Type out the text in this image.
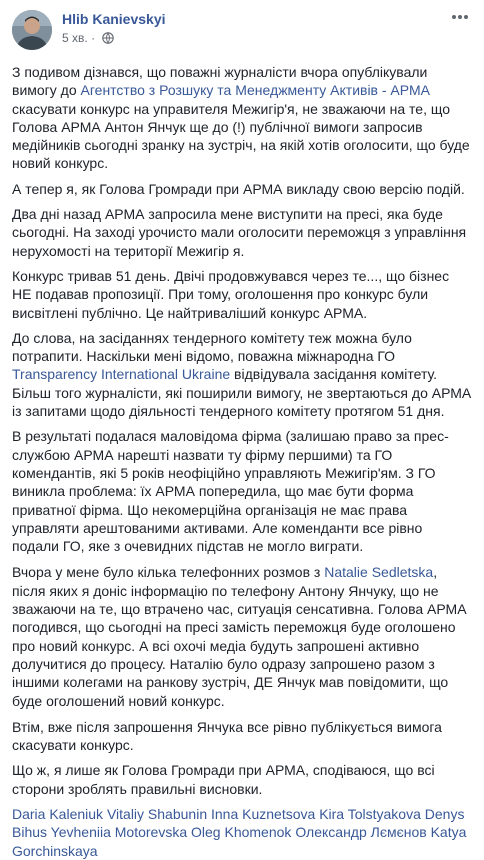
Hlib Kanievskyi
5 хв. ·

З подивом дізнався, що поважні журналісти вчора опублікували вимогу до Агентство з Розшуку та Менеджменту Активів - АРМА скасувати конкурс на управителя Межигір'я, не зважаючи на те, що Голова АРМА Антон Янчук ще до (!) публічної вимоги запросив медійників сьогодні зранку на зустріч, на якій хотів оголосити, що буде новий конкурс.

А тепер я, як Голова Громради при АРМА викладу свою версію подій.

Два дні назад АРМА запросила мене виступити на пресі, яка буде сьогодні. На заході урочисто мали оголосити переможця з управління нерухомості на території Межигір я.

Конкурс тривав 51 день. Двічі продовжувався через те..., що бізнес НЕ подавав пропозиції. При тому, оголошення про конкурс були висвітлені публічно. Це найтриваліший конкурс АРМА.

До слова, на засіданнях тендерного комітету теж можна було потрапити. Наскільки мені відомо, поважна міжнародна ГО Transparency International Ukraine відвідувала засідання комітету. Більш того журналісти, які поширили вимогу, не звертаються до АРМА із запитами щодо діяльності тендерного комітету протягом 51 дня.

В результаті подалася маловідома фірма (залишаю право за прес-службою АРМА нарешті назвати ту фірму першими) та ГО комендантів, які 5 років неофіційно управляють Межигір'ям. З ГО виникла проблема: їх АРМА попередила, що має бути форма приватної фірма. Що некомерційна організація не має права управляти арештованими активами. Але коменданти все рівно подали ГО, яке з очевидних підстав не могло виграти.

Вчора у мене було кілька телефонних розмов з Natalie Sedletska, після яких я доніс інформацію по телефону Антону Янчуку, що не зважаючи на те, що втрачено час, ситуація сенсативна. Голова АРМА погодився, що сьогодні на пресі замість переможця буде оголошено про новий конкурс. А всі охочі медіа будуть запрошені активно долучитися до процесу. Наталію було одразу запрошено разом з іншими колегами на ранкову зустріч, ДЕ Янчук мав повідомити, що буде оголошений новий конкурс.

Втім, вже після запрошення Янчука все рівно публікується вимога скасувати конкурс.

Що ж, я лише як Голова Громради при АРМА, сподіваюся, що всі сторони зроблять правильні висновки.

Daria Kaleniuk Vitaliy Shabunin Inna Kuznetsova Kira Tolstyakova Denys Bihus Yevheniia Motorevska Oleg Khomenok Олександр Лємєнов Katya Gorchinskaya
